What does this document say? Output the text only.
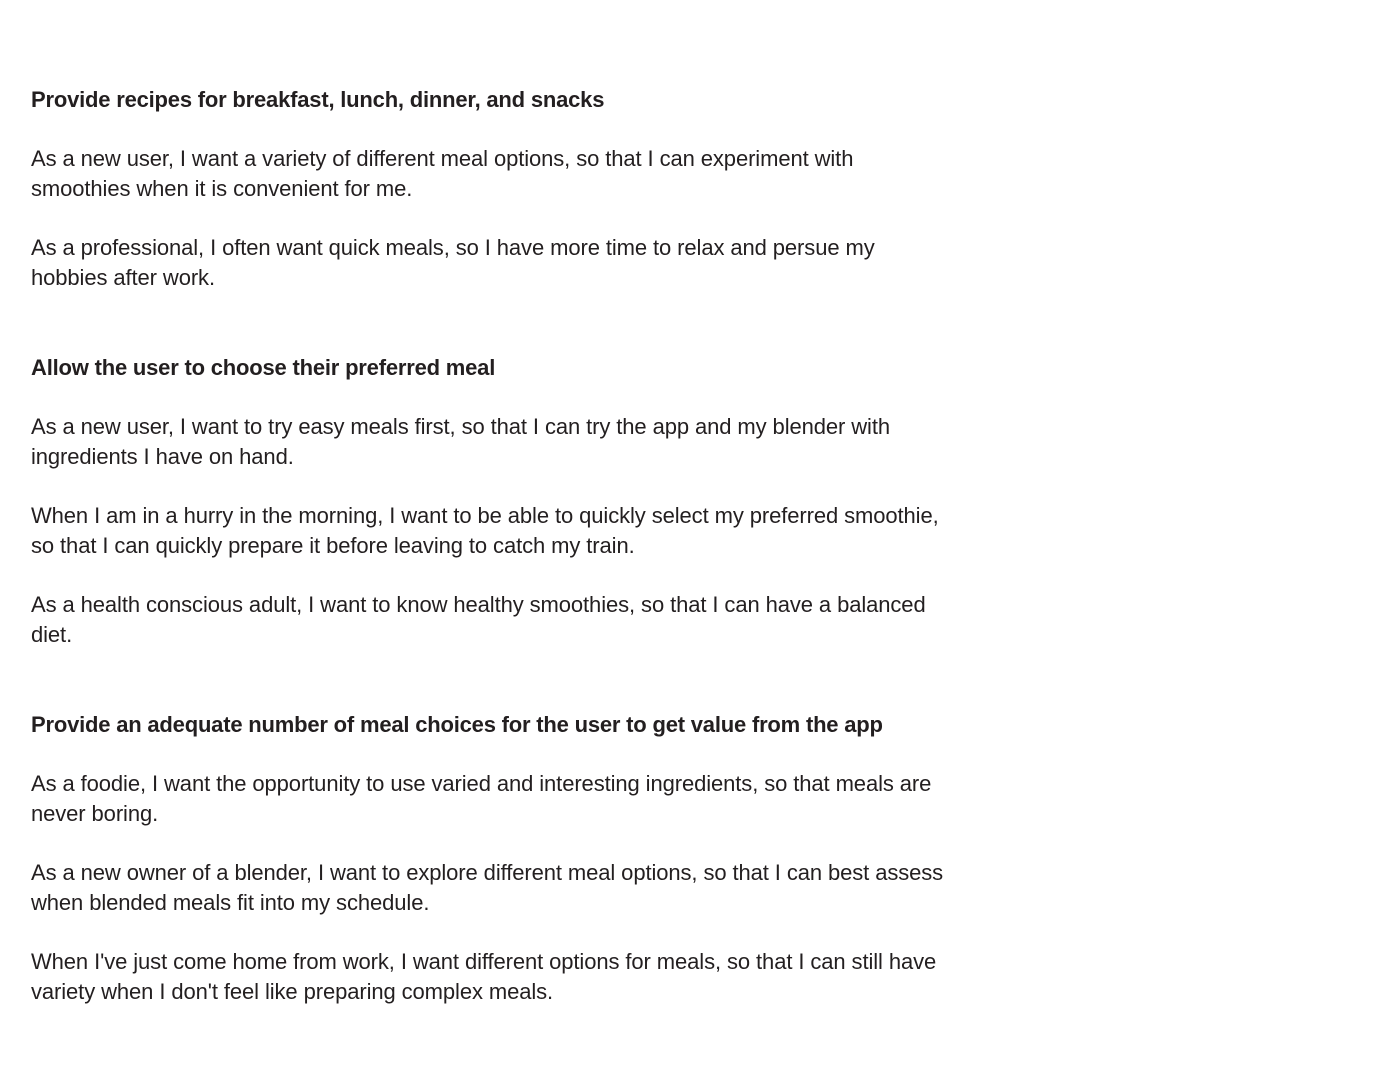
Provide recipes for breakfast, lunch, dinner, and snacks

As a new user, I want a variety of different meal options, so that I can experiment with smoothies when it is convenient for me.

As a professional, I often want quick meals, so I have more time to relax and persue my hobbies after work.

Allow the user to choose their preferred meal

As a new user, I want to try easy meals first, so that I can try the app and my blender with ingredients I have on hand.

When I am in a hurry in the morning, I want to be able to quickly select my preferred smoothie, so that I can quickly prepare it before leaving to catch my train.

As a health conscious adult, I want to know healthy smoothies, so that I can have a balanced diet.

Provide an adequate number of meal choices for the user to get value from the app

As a foodie, I want the opportunity to use varied and interesting ingredients, so that meals are never boring.

As a new owner of a blender, I want to explore different meal options, so that I can best assess when blended meals fit into my schedule.

When I've just come home from work, I want different options for meals, so that I can still have variety when I don't feel like preparing complex meals.
